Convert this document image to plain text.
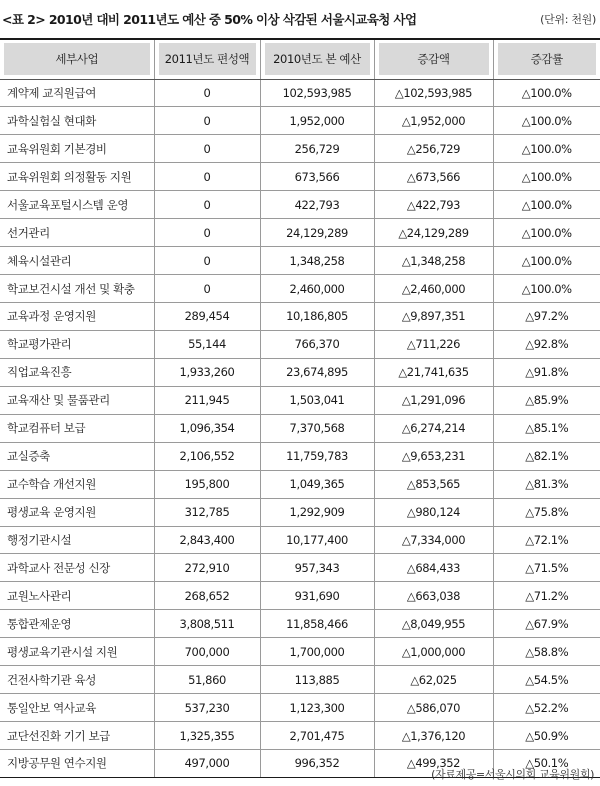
<표 2> 2010년 대비 2011년도 예산 중 50% 이상 삭감된 서울시교육청 사업	(단위: 천원)
세부사업	2011년도 편성액	2010년도 본 예산	증감액	증감률

계약제 교직원급여	0	102,593,985	△102,593,985	△100.0%
과학실험실 현대화	0	1,952,000	△1,952,000	△100.0%
교육위원회 기본경비	0	256,729	△256,729	△100.0%
교육위원회 의정활동 지원	0	673,566	△673,566	△100.0%
서울교육포털시스템 운영	0	422,793	△422,793	△100.0%
선거관리	0	24,129,289	△24,129,289	△100.0%
체육시설관리	0	1,348,258	△1,348,258	△100.0%
학교보건시설 개선 및 확충	0	2,460,000	△2,460,000	△100.0%
교육과정 운영지원	289,454	10,186,805	△9,897,351	△97.2%
학교평가관리	55,144	766,370	△711,226	△92.8%
직업교육진흥	1,933,260	23,674,895	△21,741,635	△91.8%
교육재산 및 물품관리	211,945	1,503,041	△1,291,096	△85.9%
학교컴퓨터 보급	1,096,354	7,370,568	△6,274,214	△85.1%
교실증축	2,106,552	11,759,783	△9,653,231	△82.1%
교수학습 개선지원	195,800	1,049,365	△853,565	△81.3%
평생교육 운영지원	312,785	1,292,909	△980,124	△75.8%
행정기관시설	2,843,400	10,177,400	△7,334,000	△72.1%
과학교사 전문성 신장	272,910	957,343	△684,433	△71.5%
교원노사관리	268,652	931,690	△663,038	△71.2%
통합관제운영	3,808,511	11,858,466	△8,049,955	△67.9%
평생교육기관시설 지원	700,000	1,700,000	△1,000,000	△58.8%
건전사학기관 육성	51,860	113,885	△62,025	△54.5%
통일안보 역사교육	537,230	1,123,300	△586,070	△52.2%
교단선진화 기기 보급	1,325,355	2,701,475	△1,376,120	△50.9%
지방공무원 연수지원	497,000	996,352	△499,352	△50.1%
(자료제공=서울시의회 교육위원회)
